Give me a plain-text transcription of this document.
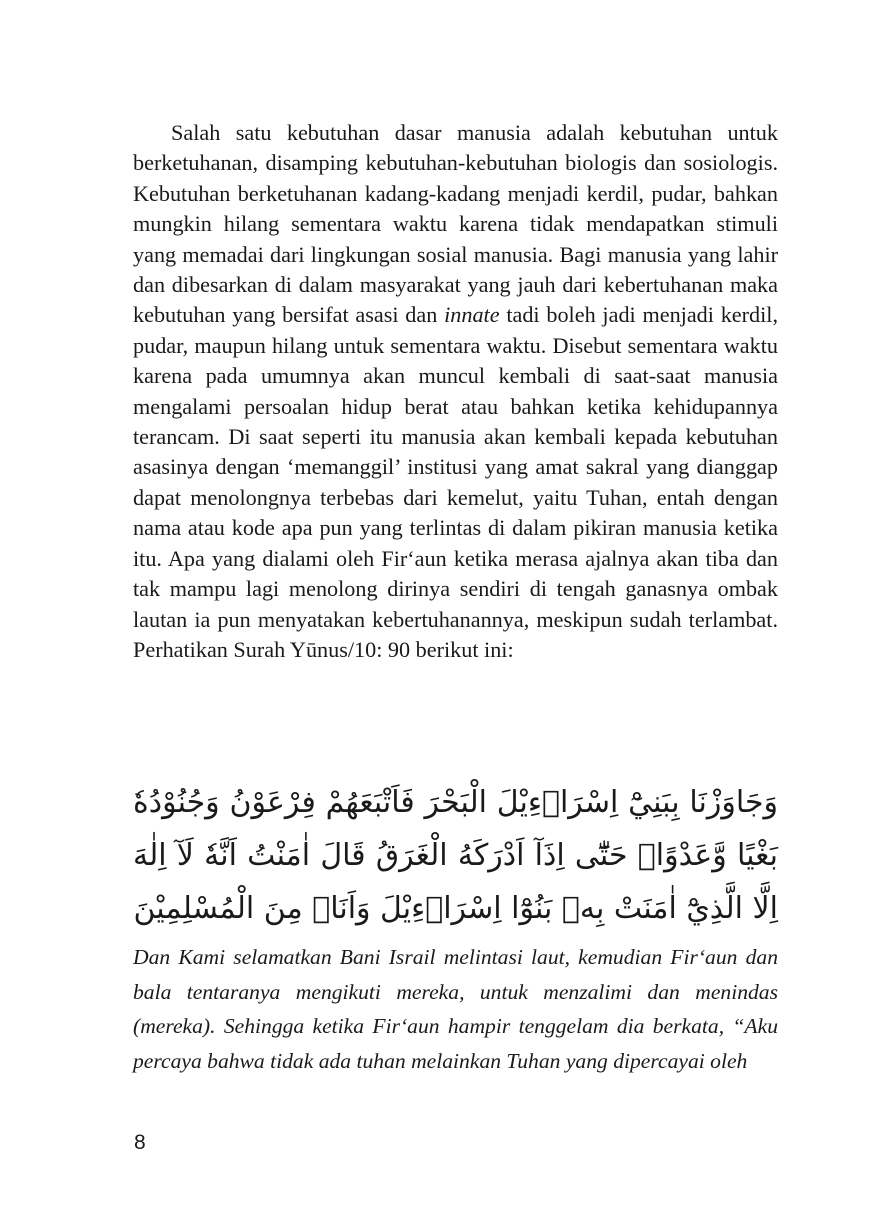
Salah satu kebutuhan dasar manusia adalah kebutuhan untuk berketuhanan, disamping kebutuhan-kebutuhan biologis dan sosiologis. Kebutuhan berketuhanan kadang-kadang menjadi kerdil, pudar, bahkan mungkin hilang sementara waktu karena tidak mendapatkan stimuli yang memadai dari lingkungan sosial manusia. Bagi manusia yang lahir dan dibesarkan di dalam masyarakat yang jauh dari kebertuhanan maka kebutuhan yang bersifat asasi dan innate tadi boleh jadi menjadi kerdil, pudar, maupun hilang untuk sementara waktu. Disebut sementara waktu karena pada umumnya akan muncul kembali di saat-saat manusia mengalami persoalan hidup berat atau bahkan ketika kehidupannya terancam. Di saat seperti itu manusia akan kembali kepada kebutuhan asasinya dengan ‘memanggil’ institusi yang amat sakral yang dianggap dapat menolongnya terbebas dari kemelut, yaitu Tuhan, entah dengan nama atau kode apa pun yang terlintas di dalam pikiran manusia ketika itu. Apa yang dialami oleh Fir‘aun ketika merasa ajalnya akan tiba dan tak mampu lagi menolong dirinya sendiri di tengah ganasnya ombak lautan ia pun menyatakan kebertuhanannya, meskipun sudah terlambat. Perhatikan Surah Yūnus/10: 90 berikut ini:

وَجَاوَزْنَا بِبَنِيْٓ اِسْرَاۤءِيْلَ الْبَحْرَ فَاَتْبَعَهُمْ فِرْعَوْنُ وَجُنُوْدُهٗ بَغْيًا وَّعَدْوًاۗ حَتّٰٓى اِذَآ اَدْرَكَهُ الْغَرَقُ قَالَ اٰمَنْتُ اَنَّهٗ لَآ اِلٰهَ اِلَّا الَّذِيْٓ اٰمَنَتْ بِهٖ بَنُوْٓا اِسْرَاۤءِيْلَ وَاَنَا۠ مِنَ الْمُسْلِمِيْنَ

Dan Kami selamatkan Bani Israil melintasi laut, kemudian Fir‘aun dan bala tentaranya mengikuti mereka, untuk menzalimi dan menindas (mereka). Sehingga ketika Fir‘aun hampir tenggelam dia berkata, “Aku percaya bahwa tidak ada tuhan melainkan Tuhan yang dipercayai oleh

8
